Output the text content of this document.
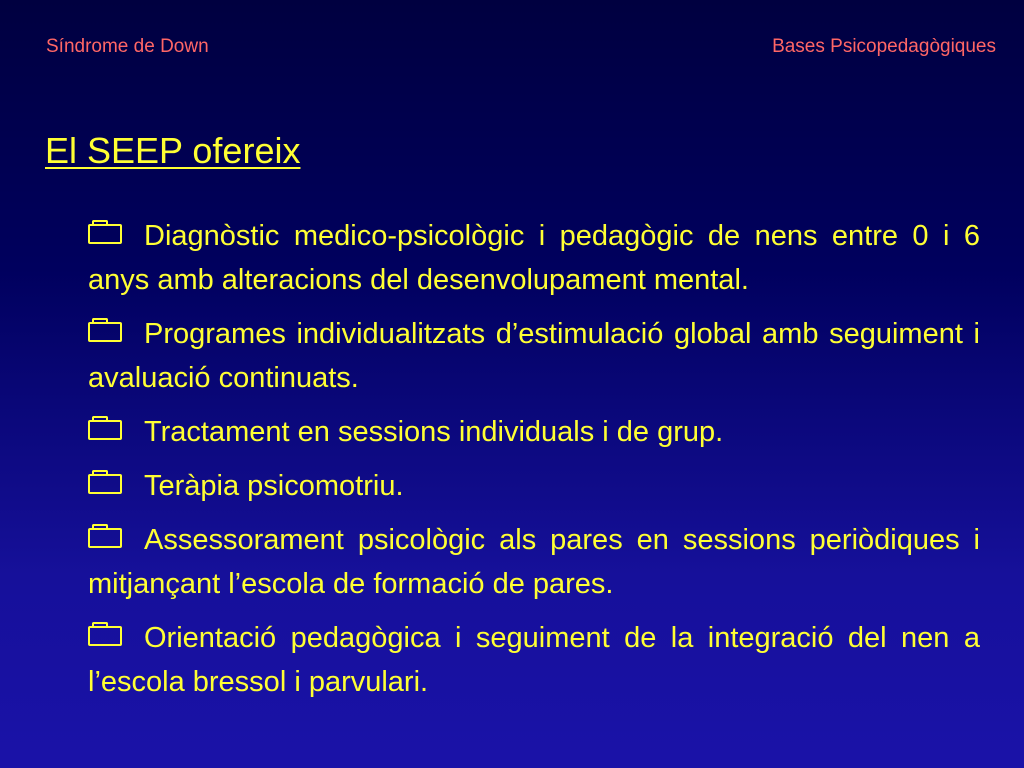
Síndrome de Down	Bases Psicopedagògiques
El SEEP ofereix
Diagnòstic medico-psicològic i pedagògic de nens entre 0 i 6 anys amb alteracions del desenvolupament mental.
Programes individualitzats d’estimulació global amb seguiment i avaluació continuats.
Tractament en sessions individuals i de grup.
Teràpia psicomotriu.
Assessorament psicològic als pares en sessions periòdiques i mitjançant l’escola de formació de pares.
Orientació pedagògica i seguiment de la integració del nen a l’escola bressol i parvulari.
